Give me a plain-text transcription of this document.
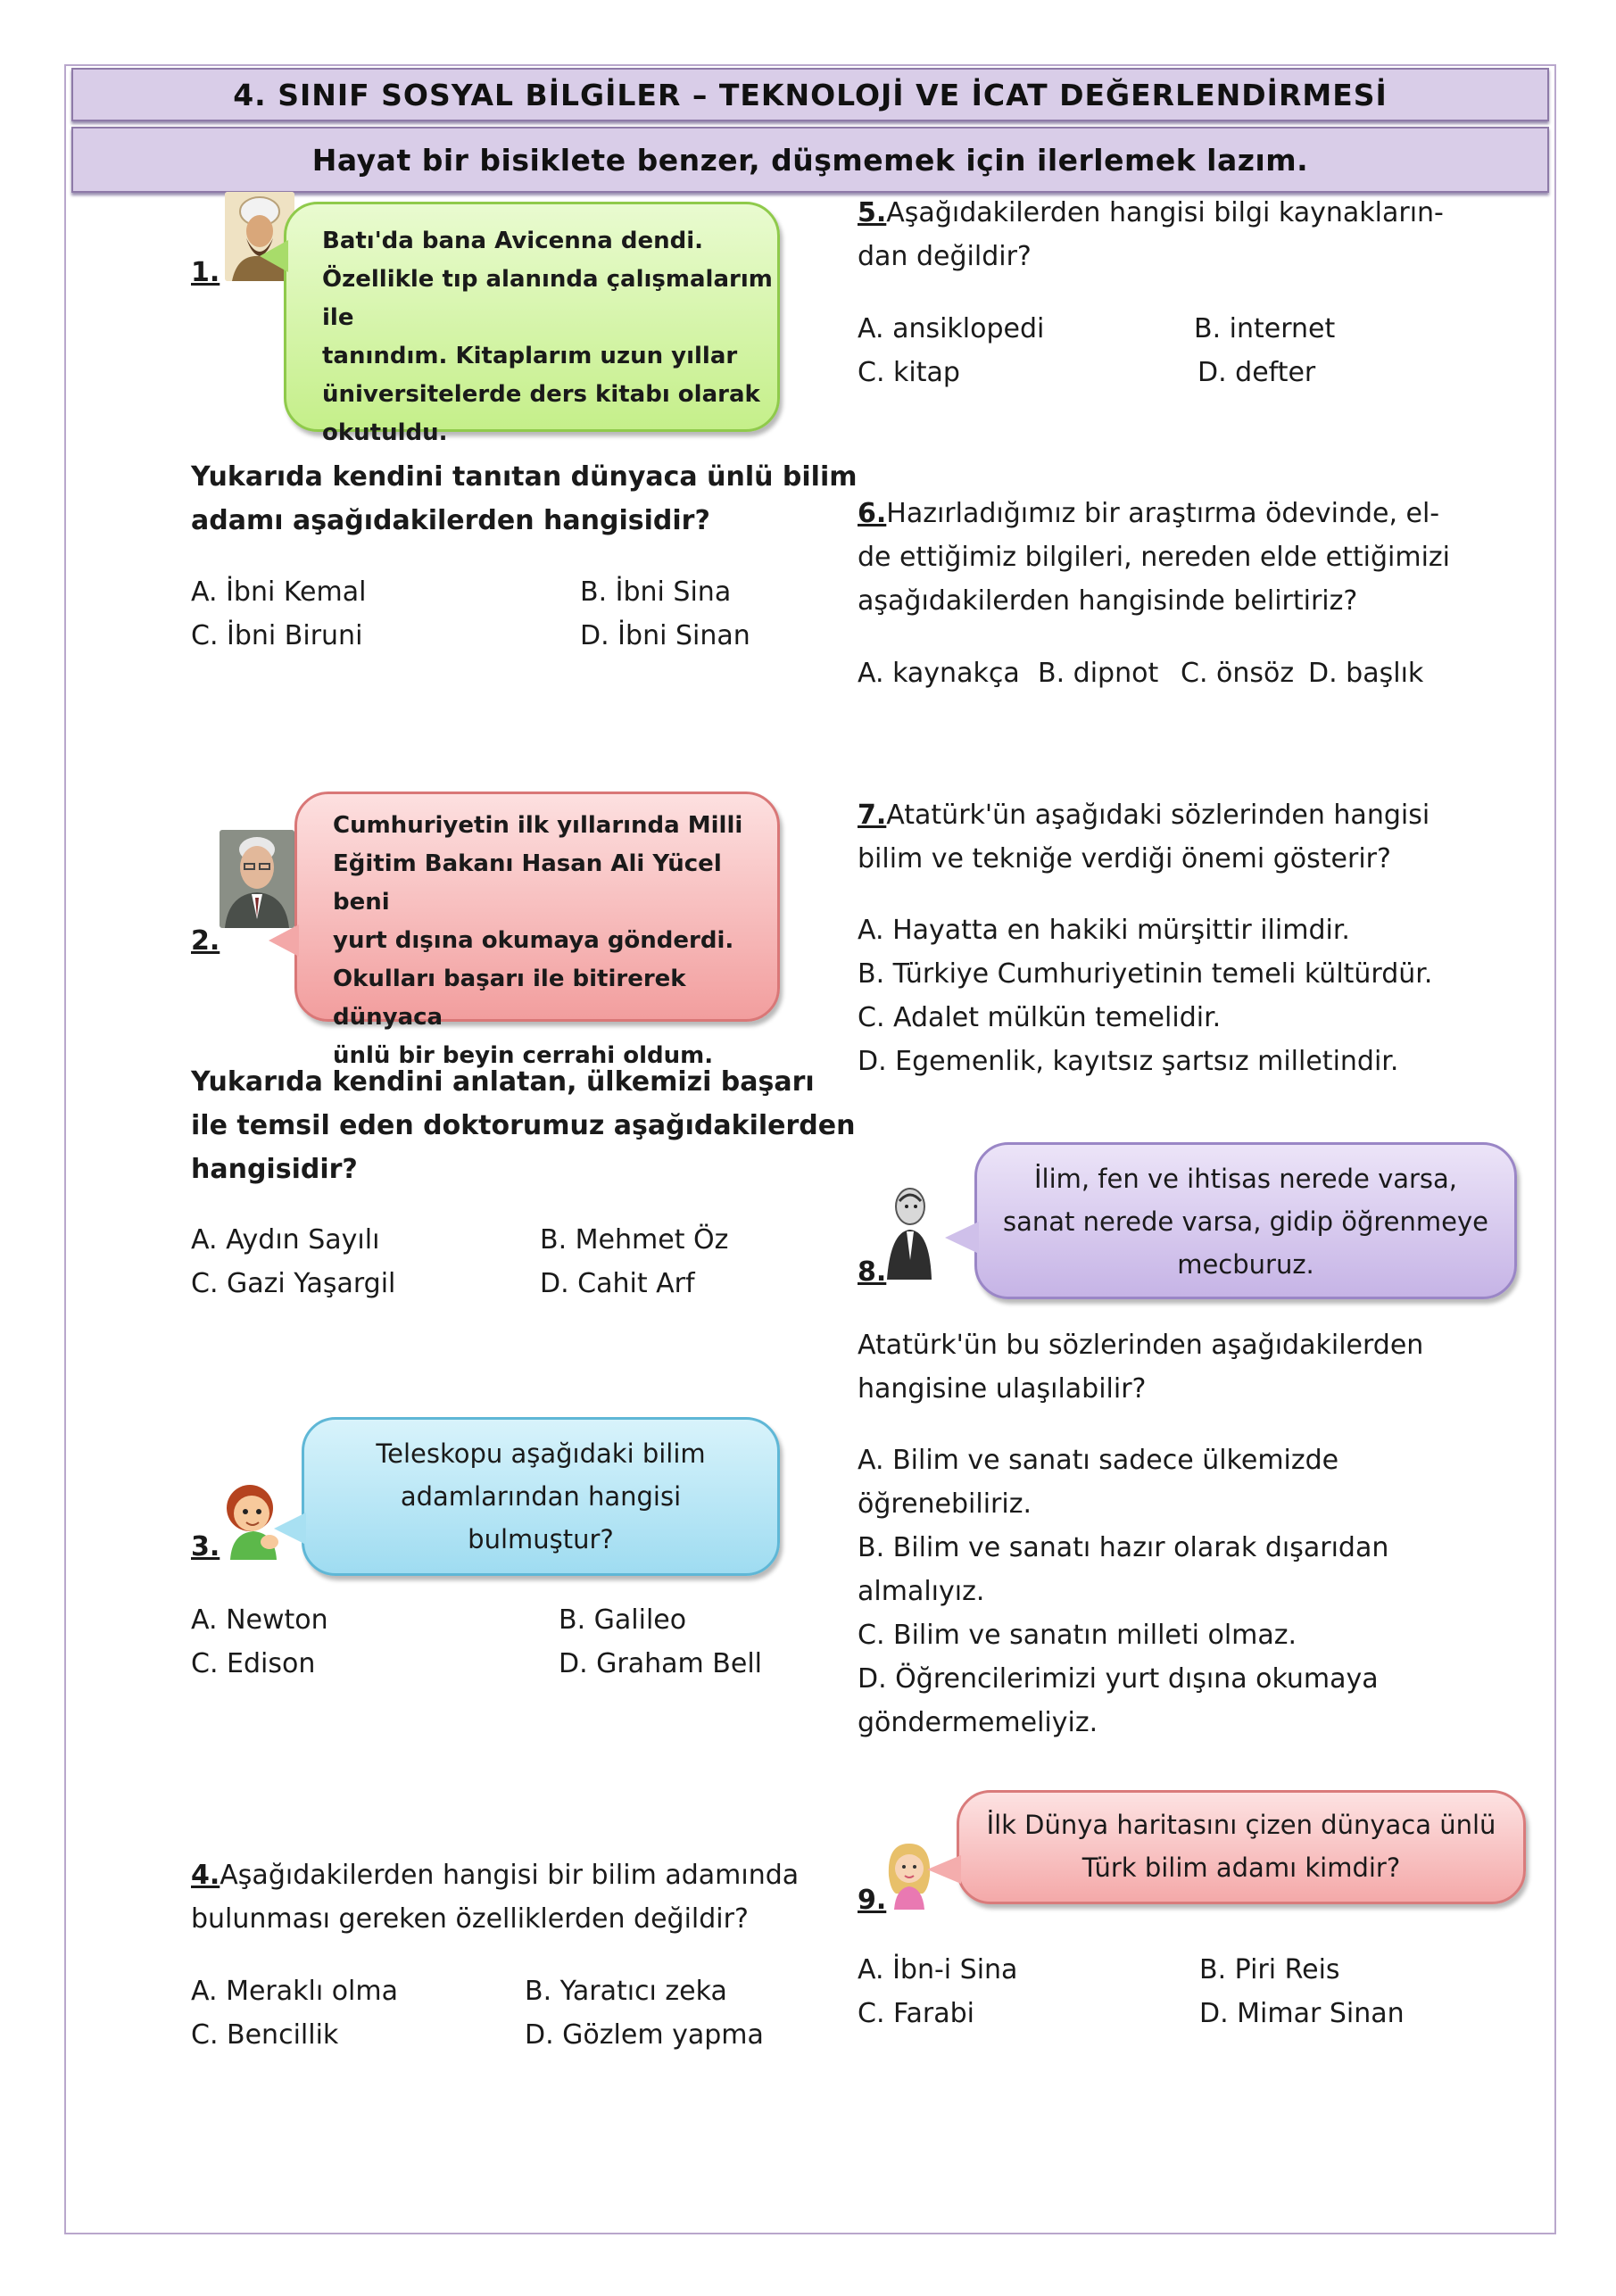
4. SINIF SOSYAL BİLGİLER – TEKNOLOJİ VE İCAT DEĞERLENDİRMESİ
Hayat bir bisiklete benzer, düşmemek için ilerlemek lazım.
1.
Batı'da bana Avicenna dendi.
Özellikle tıp alanında çalışmalarım ile
tanındım. Kitaplarım uzun yıllar
üniversitelerde ders kitabı olarak
okutuldu.
Yukarıda kendini tanıtan dünyaca ünlü bilim
adamı aşağıdakilerden hangisidir?
A. İbni Kemal	B. İbni Sina
C. İbni Biruni	D. İbni Sinan
2.
Cumhuriyetin ilk yıllarında Milli
Eğitim Bakanı Hasan Ali Yücel beni
yurt dışına okumaya gönderdi.
Okulları başarı ile bitirerek dünyaca
ünlü bir beyin cerrahi oldum.
Yukarıda kendini anlatan, ülkemizi başarı
ile temsil eden doktorumuz aşağıdakilerden
hangisidir?
A. Aydın Sayılı	B. Mehmet Öz
C. Gazi Yaşargil	D. Cahit Arf
3.
Teleskopu aşağıdaki bilim
adamlarından hangisi
bulmuştur?
A. Newton	B. Galileo
C. Edison	D. Graham Bell
4.Aşağıdakilerden hangisi bir bilim adamında
bulunması gereken özelliklerden değildir?
A. Meraklı olma	B. Yaratıcı zeka
C. Bencillik	D. Gözlem yapma
5.Aşağıdakilerden hangisi bilgi kaynakların-
dan değildir?
A. ansiklopedi	B. internet
C. kitap	D. defter
6.Hazırladığımız bir araştırma ödevinde, el-
de ettiğimiz bilgileri, nereden elde ettiğimizi
aşağıdakilerden hangisinde belirtiriz?
A. kaynakça B. dipnot C. önsöz D. başlık
7.Atatürk'ün aşağıdaki sözlerinden hangisi
bilim ve tekniğe verdiği önemi gösterir?
A. Hayatta en hakiki mürşittir ilimdir.
B. Türkiye Cumhuriyetinin temeli kültürdür.
C. Adalet mülkün temelidir.
D. Egemenlik, kayıtsız şartsız milletindir.
8.
İlim, fen ve ihtisas nerede varsa,
sanat nerede varsa, gidip öğrenmeye
mecburuz.
Atatürk'ün bu sözlerinden aşağıdakilerden
hangisine ulaşılabilir?
A. Bilim ve sanatı sadece ülkemizde
öğrenebiliriz.
B. Bilim ve sanatı hazır olarak dışarıdan
almalıyız.
C. Bilim ve sanatın milleti olmaz.
D. Öğrencilerimizi yurt dışına okumaya
göndermemeliyiz.
9.
İlk Dünya haritasını çizen dünyaca ünlü
Türk bilim adamı kimdir?
A. İbn-i Sina	B. Piri Reis
C. Farabi	D. Mimar Sinan
